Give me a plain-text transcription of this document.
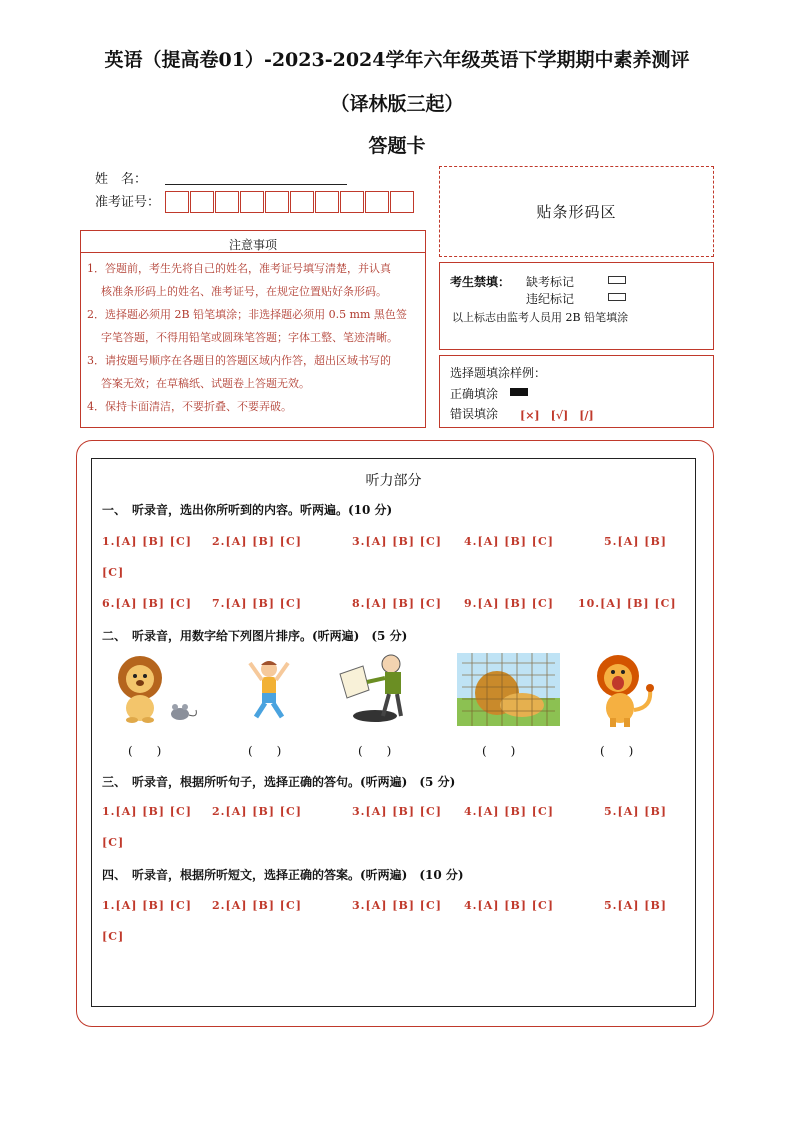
英语（提高卷01）-2023-2024学年六年级英语下学期期中素养测评
（译林版三起）
答题卡
姓　名：
准考证号：
注意事项
1．答题前，考生先将自己的姓名，准考证号填写清楚，并认真
核准条形码上的姓名、准考证号，在规定位置贴好条形码。
2．选择题必须用 2B 铅笔填涂；非选择题必须用 0.5 mm 黑色签
字笔答题，不得用铅笔或圆珠笔答题；字体工整、笔迹清晰。
3．请按题号顺序在各题目的答题区域内作答，超出区域书写的
答案无效；在草稿纸、试题卷上答题无效。
4．保持卡面清洁，不要折叠、不要弄破。
贴条形码区
考生禁填： 缺考标记
违纪标记
以上标志由监考人员用 2B 铅笔填涂
选择题填涂样例：
正确填涂
错误填涂 [×]　[√]　[/]
听力部分
一、　听录音，选出你所听到的内容。听两遍。(10 分)
1.[A] [B] [C] 2.[A] [B] [C]	3.[A] [B] [C] 4.[A] [B] [C]	5.[A] [B]
[C]
6.[A] [B] [C] 7.[A] [B] [C]	8.[A] [B] [C] 9.[A] [B] [C] 10.[A] [B] [C]
二、　听录音，用数字给下列图片排序。(听两遍)　(5 分)
(　　)	(　　)	(　　)	(　　)	(　　)
三、　听录音，根据所听句子，选择正确的答句。(听两遍)　(5 分)
1.[A] [B] [C] 2.[A] [B] [C]	3.[A] [B] [C] 4.[A] [B] [C]	5.[A] [B]
[C]
四、　听录音，根据所听短文，选择正确的答案。(听两遍)　(10 分)
1.[A] [B] [C] 2.[A] [B] [C]	3.[A] [B] [C] 4.[A] [B] [C]	5.[A] [B]
[C]
